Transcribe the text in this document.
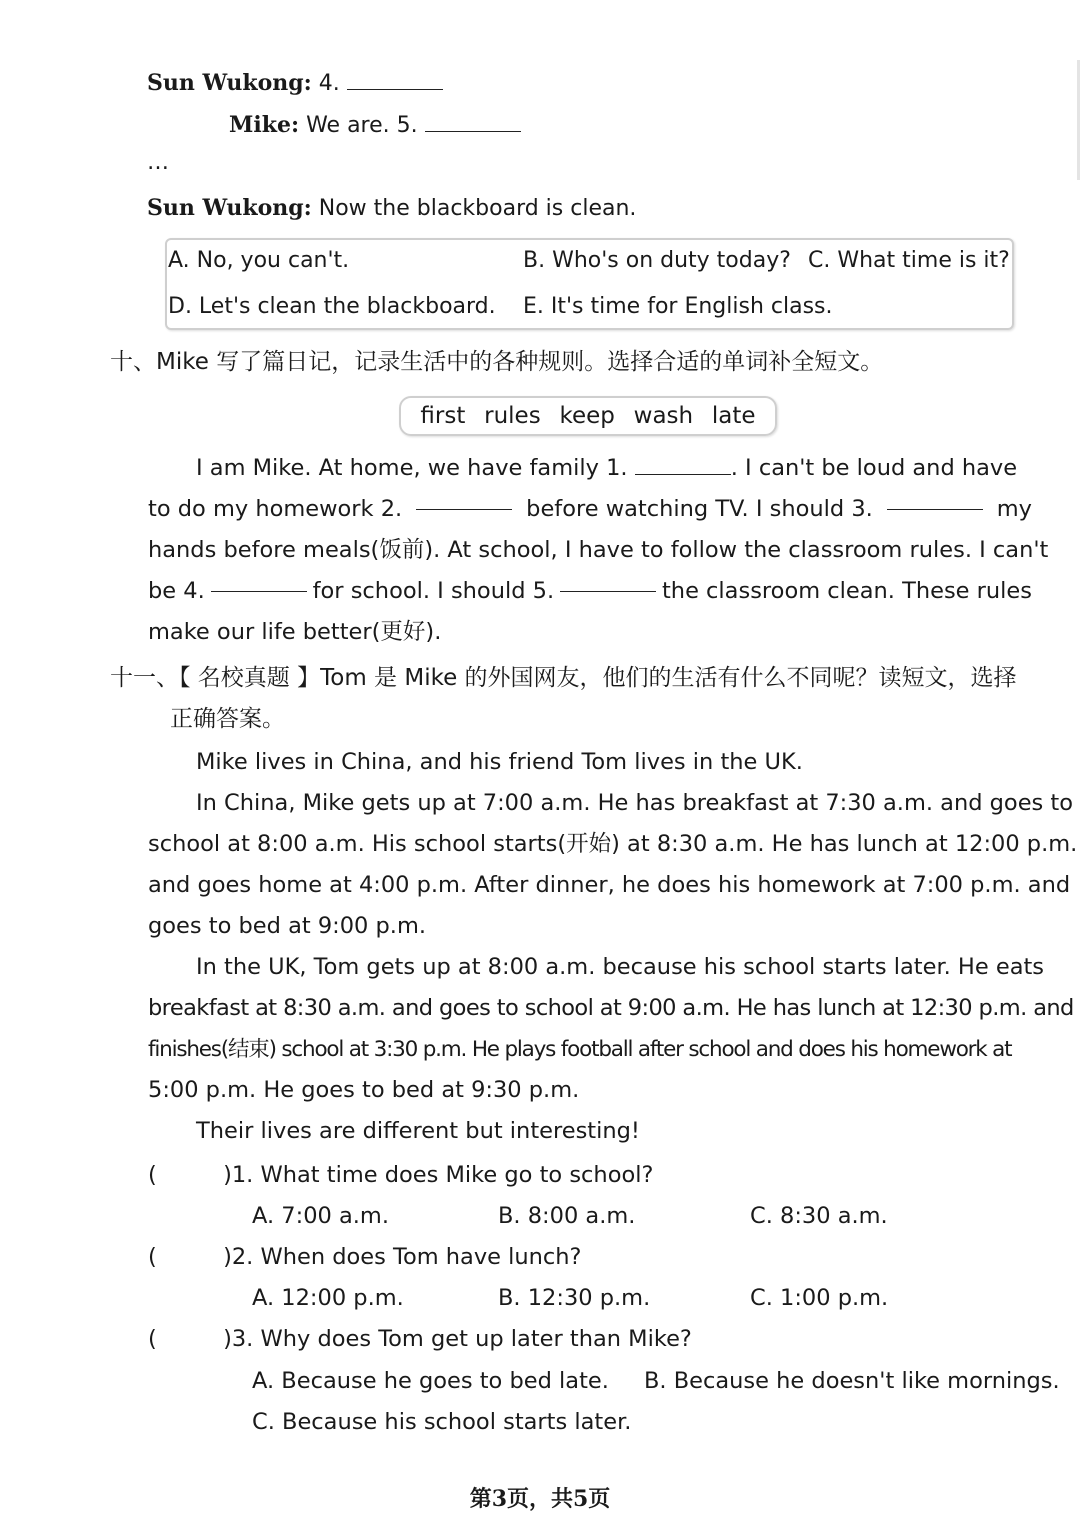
Sun Wukong: 4.
Mike: We are. 5.
…
Sun Wukong: Now the blackboard is clean.
A. No, you can't.	B. Who's on duty today? C. What time is it?
D. Let's clean the blackboard. E. It's time for English class.
十、Mike 写了篇日记，记录生活中的各种规则。选择合适的单词补全短文。
first rules keep wash late
I am Mike. At home, we have family 1.	. I can't be loud and have
to do my homework 2.	before watching TV. I should 3.	my
hands before meals(饭前). At school, I have to follow the classroom rules. I can't
be 4.	for school. I should 5.	the classroom clean. These rules
make our life better(更好).
十一、【 名校真题 】Tom 是 Mike 的外国网友，他们的生活有什么不同呢？读短文，选择
正确答案。
Mike lives in China, and his friend Tom lives in the UK.
In China, Mike gets up at 7:00 a.m. He has breakfast at 7:30 a.m. and goes to
school at 8:00 a.m. His school starts(开始) at 8:30 a.m. He has lunch at 12:00 p.m.
and goes home at 4:00 p.m. After dinner, he does his homework at 7:00 p.m. and
goes to bed at 9:00 p.m.
In the UK, Tom gets up at 8:00 a.m. because his school starts later. He eats
breakfast at 8:30 a.m. and goes to school at 9:00 a.m. He has lunch at 12:30 p.m. and
finishes(结束) school at 3:30 p.m. He plays football after school and does his homework at
5:00 p.m. He goes to bed at 9:30 p.m.
Their lives are different but interesting!
(	)1. What time does Mike go to school?
A. 7:00 a.m.	B. 8:00 a.m.	C. 8:30 a.m.
(	)2. When does Tom have lunch?
A. 12:00 p.m.	B. 12:30 p.m.	C. 1:00 p.m.
(	)3. Why does Tom get up later than Mike?
A. Because he goes to bed late. B. Because he doesn't like mornings.
C. Because his school starts later.
第3页，共5页
